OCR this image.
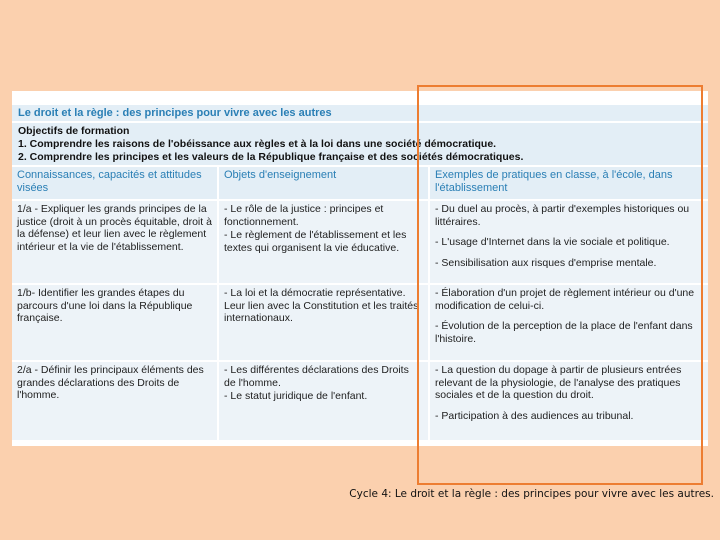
Le droit et la règle : des principes pour vivre avec les autres
Objectifs de formation
1. Comprendre les raisons de l'obéissance aux règles et à la loi dans une société démocratique.
2. Comprendre les principes et les valeurs de la République française et des sociétés démocratiques.
Connaissances, capacités et attitudes visées
Objets d'enseignement	Exemples de pratiques en classe, à l'école, dans l'établissement

1/a - Expliquer les grands principes de la justice (droit à un procès équitable, droit à la défense) et leur lien avec le règlement intérieur et la vie de l'établissement.

- Le rôle de la justice : principes et fonctionnement.

- Le règlement de l'établissement et les textes qui organisent la vie éducative.

- Du duel au procès, à partir d'exemples historiques ou littéraires.

- L'usage d'Internet dans la vie sociale et politique.

- Sensibilisation aux risques d'emprise mentale.

1/b- Identifier les grandes étapes du parcours d'une loi dans la République française.

- La loi et la démocratie représentative. Leur lien avec la Constitution et les traités internationaux.

- Élaboration d'un projet de règlement intérieur ou d'une modification de celui-ci.

- Évolution de la perception de la place de l'enfant dans l'histoire.

2/a - Définir les principaux éléments des grandes déclarations des Droits de l'homme.

- Les différentes déclarations des Droits de l'homme.

- Le statut juridique de l'enfant.

- La question du dopage à partir de plusieurs entrées relevant de la physiologie, de l'analyse des pratiques sociales et de la question du droit.

- Participation à des audiences au tribunal.

Cycle 4: Le droit et la règle : des principes pour vivre avec les autres.
